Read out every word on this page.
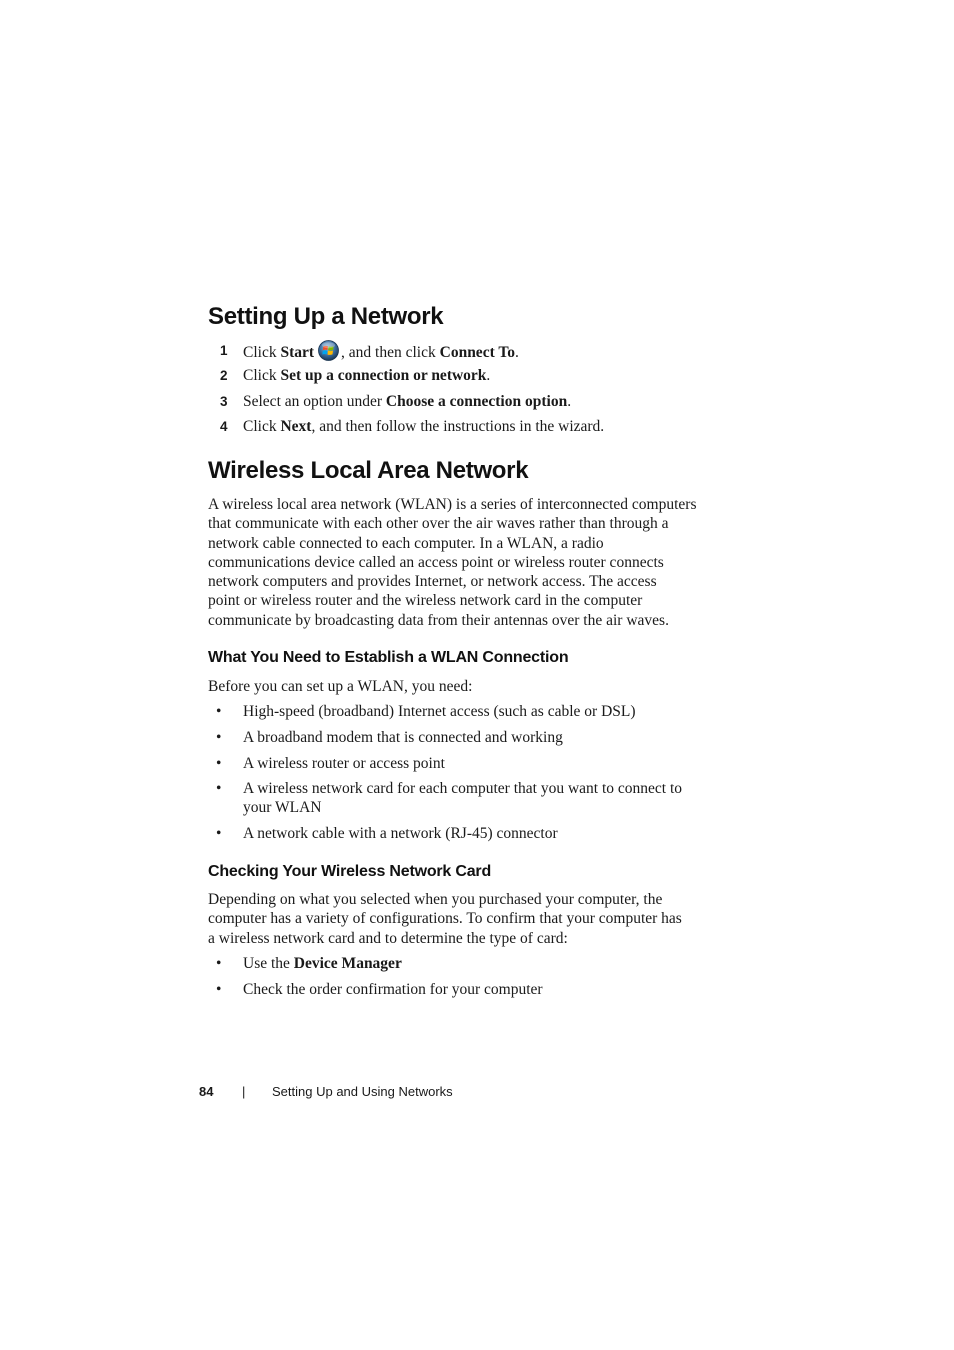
Setting Up a Network
1 Click Start , and then click Connect To.
2 Click Set up a connection or network.
3 Select an option under Choose a connection option.
4 Click Next, and then follow the instructions in the wizard.
Wireless Local Area Network
A wireless local area network (WLAN) is a series of interconnected computers
that communicate with each other over the air waves rather than through a
network cable connected to each computer. In a WLAN, a radio
communications device called an access point or wireless router connects
network computers and provides Internet, or network access. The access
point or wireless router and the wireless network card in the computer
communicate by broadcasting data from their antennas over the air waves.
What You Need to Establish a WLAN Connection
Before you can set up a WLAN, you need:
• High-speed (broadband) Internet access (such as cable or DSL)
• A broadband modem that is connected and working
• A wireless router or access point
• A wireless network card for each computer that you want to connect to
your WLAN
• A network cable with a network (RJ-45) connector
Checking Your Wireless Network Card
Depending on what you selected when you purchased your computer, the
computer has a variety of configurations. To confirm that your computer has
a wireless network card and to determine the type of card:
• Use the Device Manager
• Check the order confirmation for your computer
84 | Setting Up and Using Networks
